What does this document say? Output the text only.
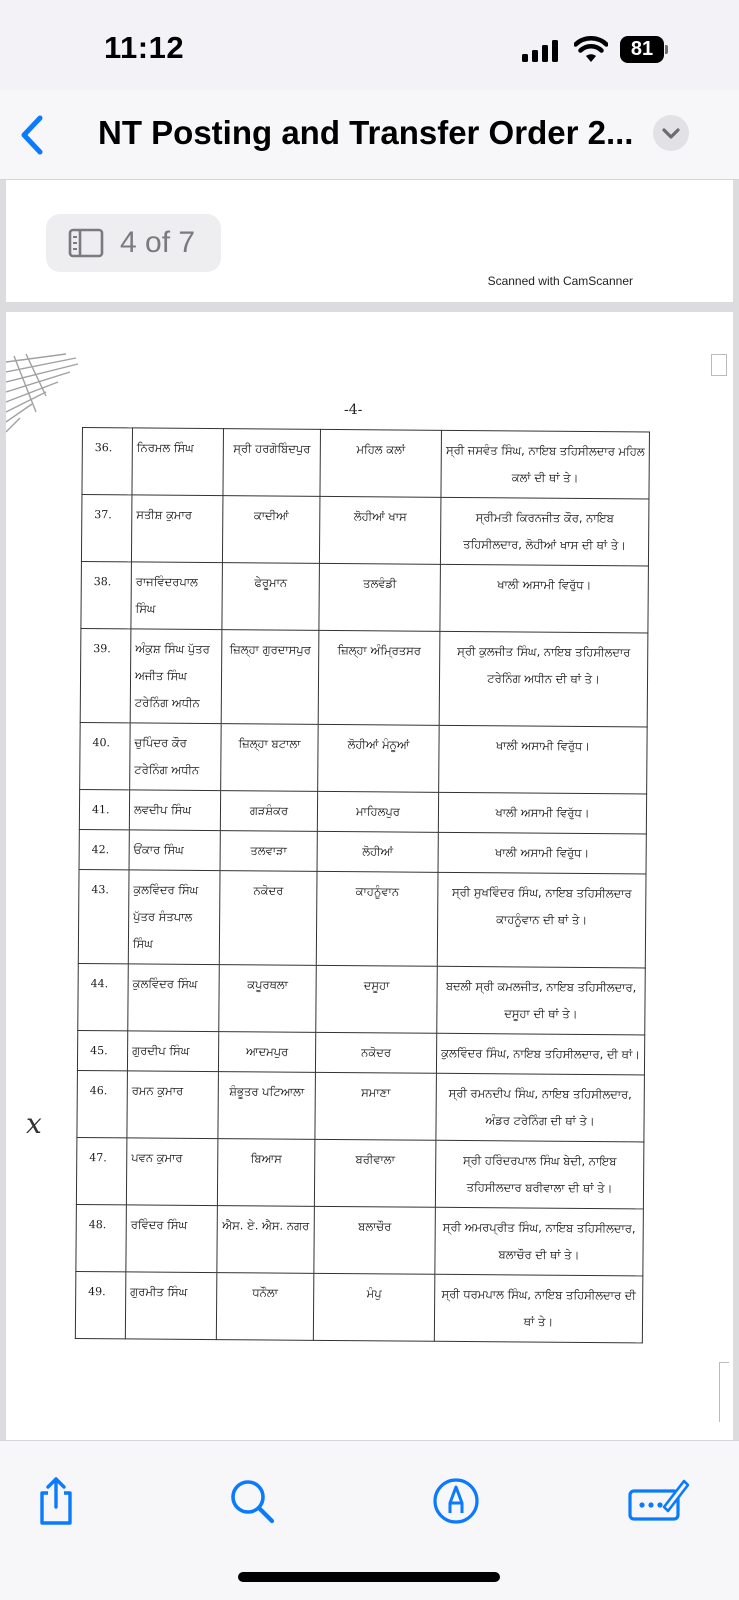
11:12	81
NT Posting and Transfer Order 2...
4 of 7
Scanned with CamScanner
-4-
x
36.	ਨਿਰਮਲ ਸਿੰਘ	ਸ੍ਰੀ ਹਰਗੋਬਿੰਦਪੁਰ	ਮਹਿਲ ਕਲਾਂ	ਸ੍ਰੀ ਜਸਵੰਤ ਸਿੰਘ, ਨਾਇਬ ਤਹਿਸੀਲਦਾਰ ਮਹਿਲ ਕਲਾਂ ਦੀ ਥਾਂ ਤੇ।
37.	ਸਤੀਸ਼ ਕੁਮਾਰ	ਕਾਦੀਆਂ	ਲੋਹੀਆਂ ਖਾਸ	ਸ੍ਰੀਮਤੀ ਕਿਰਨਜੀਤ ਕੌਰ, ਨਾਇਬ ਤਹਿਸੀਲਦਾਰ, ਲੋਹੀਆਂ ਖਾਸ ਦੀ ਥਾਂ ਤੇ।
38.	ਰਾਜਵਿੰਦਰਪਾਲ ਸਿੰਘ	ਫੇਰੂਮਾਨ	ਤਲਵੰਡੀ	ਖਾਲੀ ਅਸਾਮੀ ਵਿਰੁੱਧ।
39.	ਅੰਕੁਸ਼ ਸਿੰਘ ਪੁੱਤਰ ਅਜੀਤ ਸਿੰਘ ਟਰੇਨਿੰਗ ਅਧੀਨ	ਜ਼ਿਲ੍ਹਾ ਗੁਰਦਾਸਪੁਰ	ਜ਼ਿਲ੍ਹਾ ਅੰਮ੍ਰਿਤਸਰ	ਸ੍ਰੀ ਕੁਲਜੀਤ ਸਿੰਘ, ਨਾਇਬ ਤਹਿਸੀਲਦਾਰ ਟਰੇਨਿੰਗ ਅਧੀਨ ਦੀ ਥਾਂ ਤੇ।
40.	ਚੁਪਿੰਦਰ ਕੌਰ ਟਰੇਨਿੰਗ ਅਧੀਨ	ਜ਼ਿਲ੍ਹਾ ਬਟਾਲਾ	ਲੋਹੀਆਂ ਮੰਨੂਆਂ	ਖਾਲੀ ਅਸਾਮੀ ਵਿਰੁੱਧ।
41.	ਲਵਦੀਪ ਸਿੰਘ	ਗੜਸ਼ੰਕਰ	ਮਾਹਿਲਪੁਰ	ਖਾਲੀ ਅਸਾਮੀ ਵਿਰੁੱਧ।
42.	ਓਂਕਾਰ ਸਿੰਘ	ਤਲਵਾੜਾ	ਲੋਹੀਆਂ	ਖਾਲੀ ਅਸਾਮੀ ਵਿਰੁੱਧ।
43.	ਕੁਲਵਿੰਦਰ ਸਿੰਘ ਪੁੱਤਰ ਸੰਤਪਾਲ ਸਿੰਘ	ਨਕੋਦਰ	ਕਾਹਨੂੰਵਾਨ	ਸ੍ਰੀ ਸੁਖਵਿੰਦਰ ਸਿੰਘ, ਨਾਇਬ ਤਹਿਸੀਲਦਾਰ ਕਾਹਨੂੰਵਾਨ ਦੀ ਥਾਂ ਤੇ।
44.	ਕੁਲਵਿੰਦਰ ਸਿੰਘ	ਕਪੂਰਥਲਾ	ਦਸੂਹਾ	ਬਦਲੀ ਸ੍ਰੀ ਕਮਲਜੀਤ, ਨਾਇਬ ਤਹਿਸੀਲਦਾਰ, ਦਸੂਹਾ ਦੀ ਥਾਂ ਤੇ।
45.	ਗੁਰਦੀਪ ਸਿੰਘ	ਆਦਮਪੁਰ	ਨਕੋਦਰ	ਕੁਲਵਿੰਦਰ ਸਿੰਘ, ਨਾਇਬ ਤਹਿਸੀਲਦਾਰ, ਦੀ ਥਾਂ।
46.	ਰਮਨ ਕੁਮਾਰ	ਸ਼ੰਭੂਤਰ ਪਟਿਆਲਾ	ਸਮਾਣਾ	ਸ੍ਰੀ ਰਮਨਦੀਪ ਸਿੰਘ, ਨਾਇਬ ਤਹਿਸੀਲਦਾਰ, ਅੰਡਰ ਟਰੇਨਿੰਗ ਦੀ ਥਾਂ ਤੇ।
47.	ਪਵਨ ਕੁਮਾਰ	ਬਿਆਸ	ਬਰੀਵਾਲਾ	ਸ੍ਰੀ ਹਰਿੰਦਰਪਾਲ ਸਿੰਘ ਬੇਦੀ, ਨਾਇਬ ਤਹਿਸੀਲਦਾਰ ਬਰੀਵਾਲਾ ਦੀ ਥਾਂ ਤੇ।
48.	ਰਵਿੰਦਰ ਸਿੰਘ	ਐਸ. ਏ. ਐਸ. ਨਗਰ	ਬਲਾਚੌਰ	ਸ੍ਰੀ ਅਮਰਪ੍ਰੀਤ ਸਿੰਘ, ਨਾਇਬ ਤਹਿਸੀਲਦਾਰ, ਬਲਾਚੌਰ ਦੀ ਥਾਂ ਤੇ।
49.	ਗੁਰਮੀਤ ਸਿੰਘ	ਧਨੌਲਾ	ਮੰਪੁ	ਸ੍ਰੀ ਧਰਮਪਾਲ ਸਿੰਘ, ਨਾਇਬ ਤਹਿਸੀਲਦਾਰ ਦੀ ਥਾਂ ਤੇ।
